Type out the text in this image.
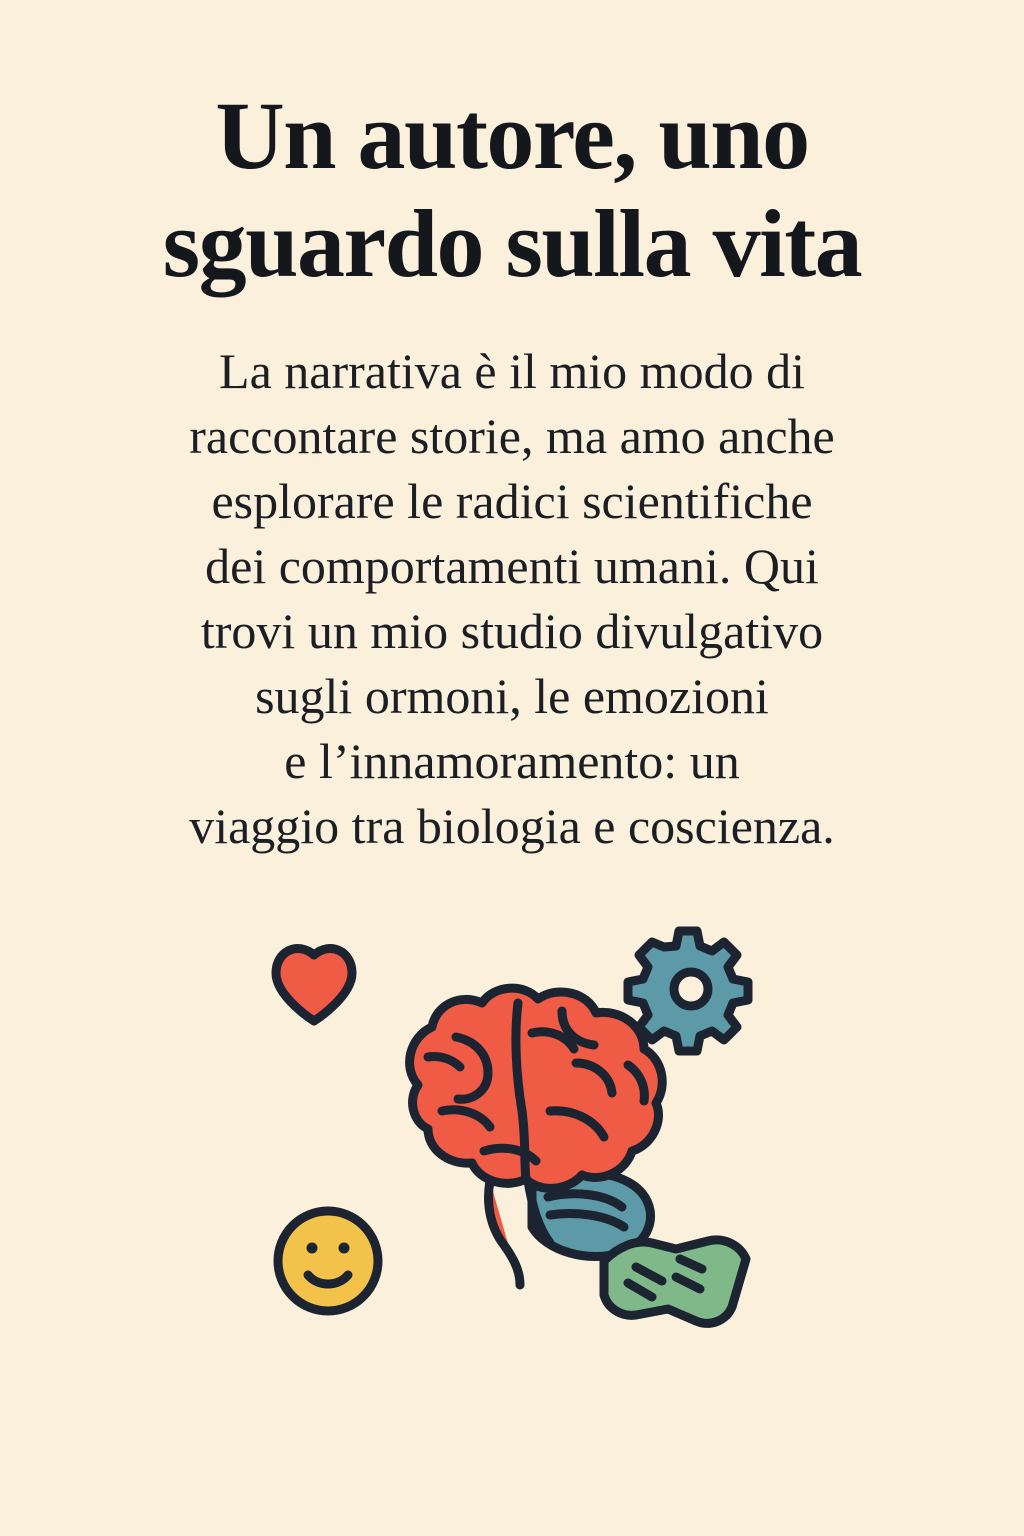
Un autore, uno
sguardo sulla vita

La narrativa è il mio modo di
raccontare storie, ma amo anche
esplorare le radici scientifiche
dei comportamenti umani. Qui
trovi un mio studio divulgativo
sugli ormoni, le emozioni
e l’innamoramento: un
viaggio tra biologia e coscienza.
